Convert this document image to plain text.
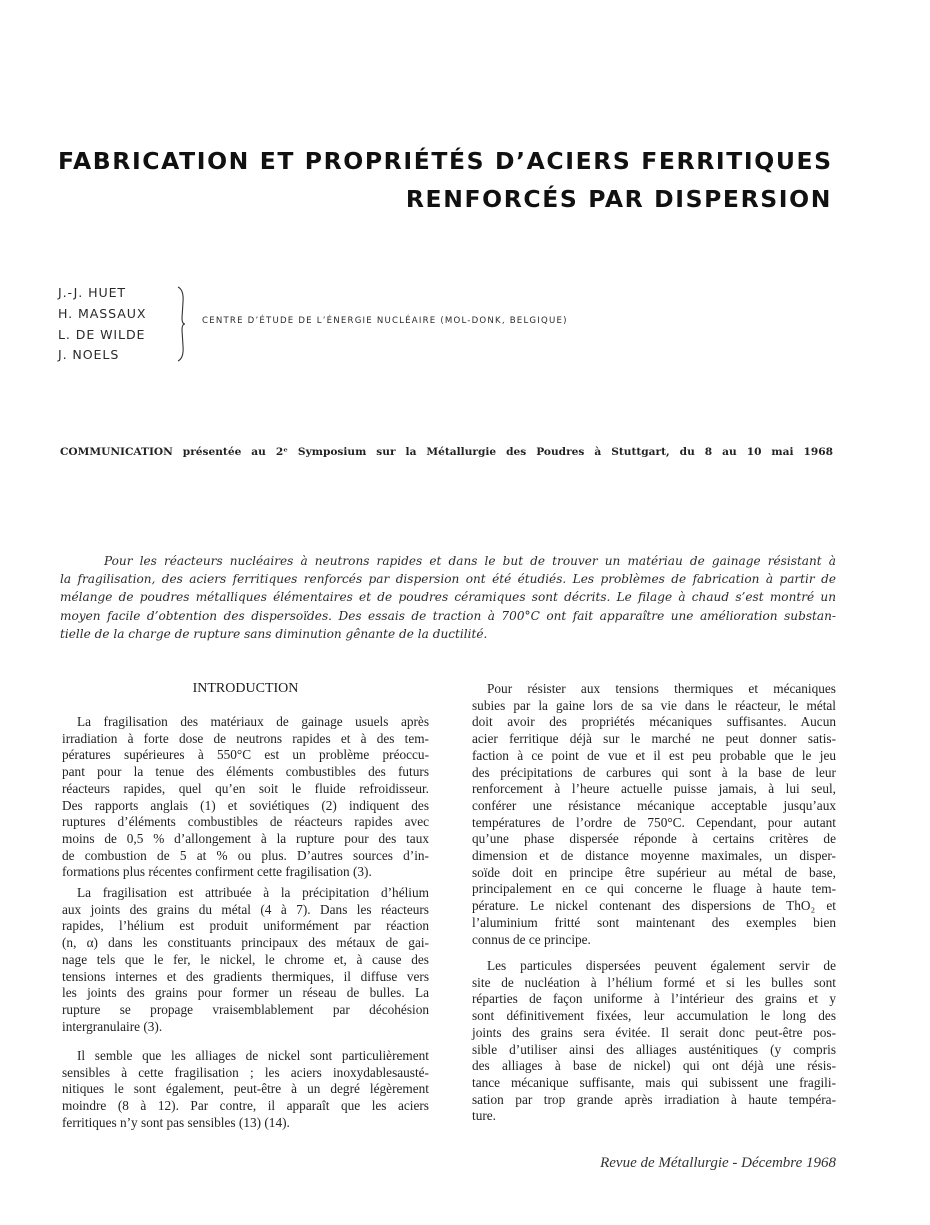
FABRICATION ET PROPRIÉTÉS D’ACIERS FERRITIQUES
RENFORCÉS PAR DISPERSION
J.-J. HUET
H. MASSAUX
L. DE WILDE
J. NOELS
CENTRE D’ÉTUDE DE L’ÉNERGIE NUCLÉAIRE (MOL-DONK, BELGIQUE)
COMMUNICATION présentée au 2ᵉ Symposium sur la Métallurgie des Poudres à Stuttgart, du 8 au 10 mai 1968
Pour les réacteurs nucléaires à neutrons rapides et dans le but de trouver un matériau de gainage résistant à
la fragilisation, des aciers ferritiques renforcés par dispersion ont été étudiés. Les problèmes de fabrication à partir de
mélange de poudres métalliques élémentaires et de poudres céramiques sont décrits. Le filage à chaud s’est montré un
moyen facile d’obtention des dispersoïdes. Des essais de traction à 700°C ont fait apparaître une amélioration substan-
tielle de la charge de rupture sans diminution gênante de la ductilité.
INTRODUCTION
La fragilisation des matériaux de gainage usuels après
irradiation à forte dose de neutrons rapides et à des tem-
pératures supérieures à 550°C est un problème préoccu-
pant pour la tenue des éléments combustibles des futurs
réacteurs rapides, quel qu’en soit le fluide refroidisseur.
Des rapports anglais (1) et soviétiques (2) indiquent des
ruptures d’éléments combustibles de réacteurs rapides avec
moins de 0,5 % d’allongement à la rupture pour des taux
de combustion de 5 at % ou plus. D’autres sources d’in-
formations plus récentes confirment cette fragilisation (3).
La fragilisation est attribuée à la précipitation d’hélium
aux joints des grains du métal (4 à 7). Dans les réacteurs
rapides, l’hélium est produit uniformément par réaction
(n, α) dans les constituants principaux des métaux de gai-
nage tels que le fer, le nickel, le chrome et, à cause des
tensions internes et des gradients thermiques, il diffuse vers
les joints des grains pour former un réseau de bulles. La
rupture se propage vraisemblablement par décohésion
intergranulaire (3).
Il semble que les alliages de nickel sont particulièrement
sensibles à cette fragilisation ; les aciers inoxydablesausté-
nitiques le sont également, peut-être à un degré légèrement
moindre (8 à 12). Par contre, il apparaît que les aciers
ferritiques n’y sont pas sensibles (13) (14).
Pour résister aux tensions thermiques et mécaniques
subies par la gaine lors de sa vie dans le réacteur, le métal
doit avoir des propriétés mécaniques suffisantes. Aucun
acier ferritique déjà sur le marché ne peut donner satis-
faction à ce point de vue et il est peu probable que le jeu
des précipitations de carbures qui sont à la base de leur
renforcement à l’heure actuelle puisse jamais, à lui seul,
conférer une résistance mécanique acceptable jusqu’aux
températures de l’ordre de 750°C. Cependant, pour autant
qu’une phase dispersée réponde à certains critères de
dimension et de distance moyenne maximales, un disper-
soïde doit en principe être supérieur au métal de base,
principalement en ce qui concerne le fluage à haute tem-
pérature. Le nickel contenant des dispersions de ThO₂ et
l’aluminium fritté sont maintenant des exemples bien
connus de ce principe.
Les particules dispersées peuvent également servir de
site de nucléation à l’hélium formé et si les bulles sont
réparties de façon uniforme à l’intérieur des grains et y
sont définitivement fixées, leur accumulation le long des
joints des grains sera évitée. Il serait donc peut-être pos-
sible d’utiliser ainsi des alliages austénitiques (y compris
des alliages à base de nickel) qui ont déjà une résis-
tance mécanique suffisante, mais qui subissent une fragili-
sation par trop grande après irradiation à haute tempéra-
ture.
Revue de Métallurgie - Décembre 1968
